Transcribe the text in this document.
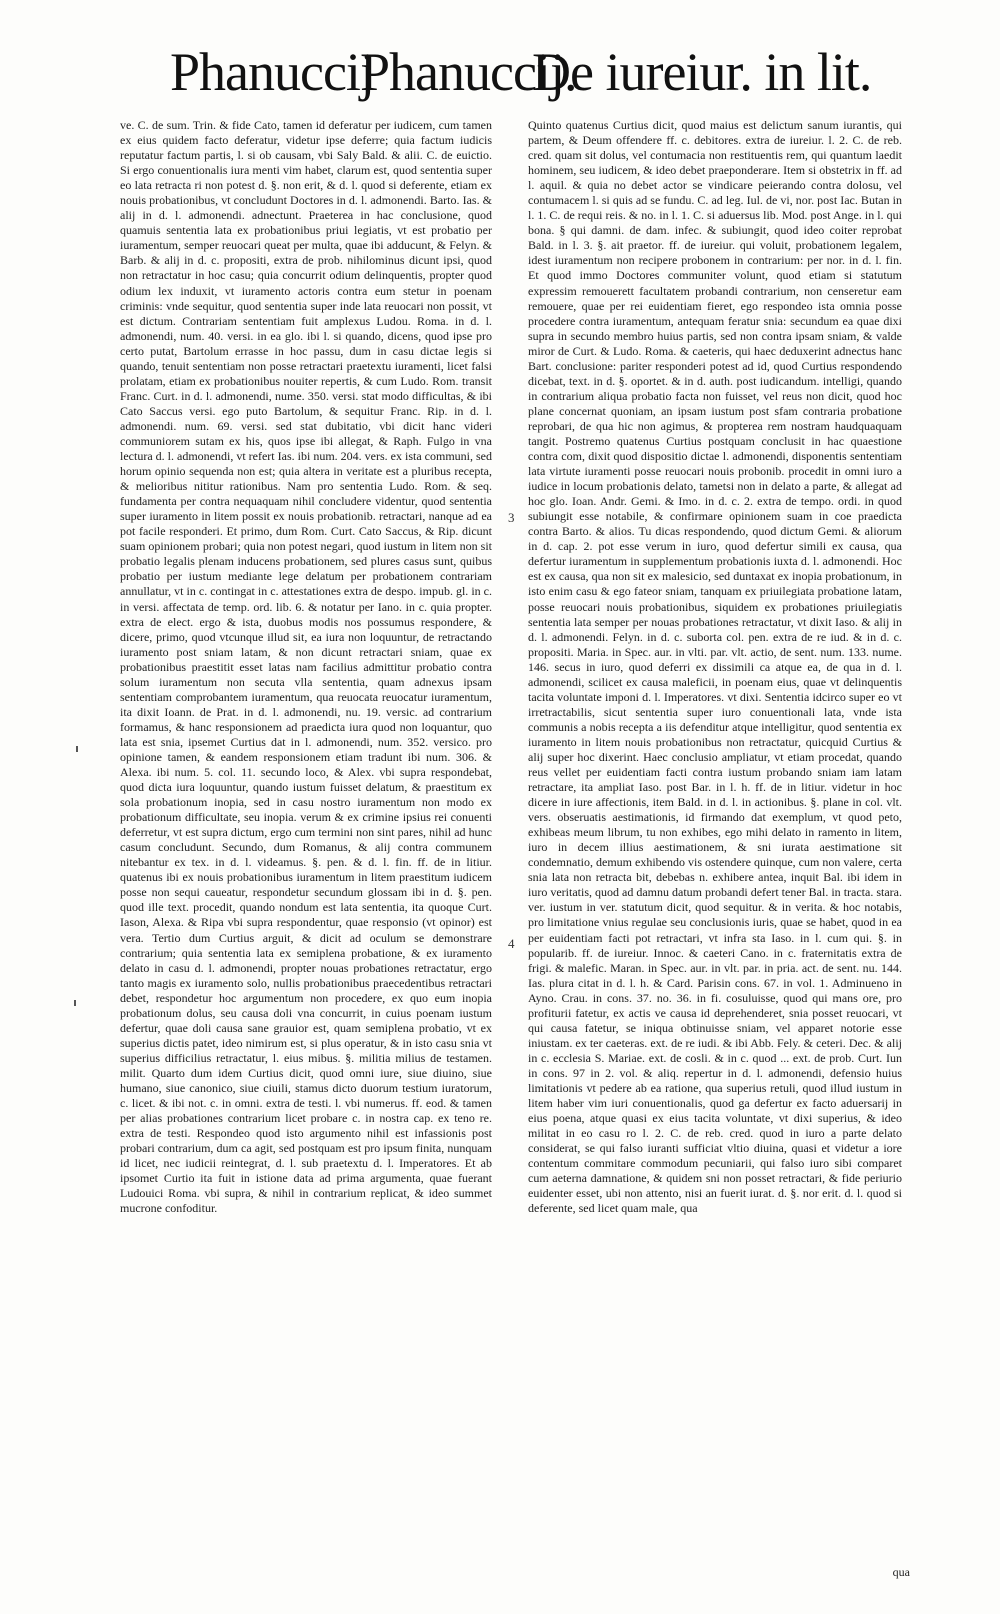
Phanuccij
Phanuccij.
De iureiur. in lit.

ve. C. de sum. Trin. & fide Cato, tamen id deferatur per iudicem, cum tamen ex eius quidem facto deferatur, videtur ipse deferre; quia factum iudicis reputatur factum partis, l. si ob causam, vbi Saly Bald. & alii. C. de euictio. Si ergo conuentionalis iura menti vim habet, clarum est, quod sententia super eo lata retracta ri non potest d. §. non erit, & d. l. quod si deferente, etiam ex nouis probationibus, vt concludunt Doctores in d. l. admonendi. Barto. Ias. & alij in d. l. admonendi. adnectunt. Praeterea in hac conclusione, quod quamuis sententia lata ex probationibus priui legiatis, vt est probatio per iuramentum, semper reuocari queat per multa, quae ibi adducunt, & Felyn. & Barb. & alij in d. c. propositi, extra de prob. nihilominus dicunt ipsi, quod non retractatur in hoc casu; quia concurrit odium delinquentis, propter quod odium lex induxit, vt iuramento actoris contra eum stetur in poenam criminis: vnde sequitur, quod sententia super inde lata reuocari non possit, vt est dictum. Contrariam sententiam fuit amplexus Ludou. Roma. in d. l. admonendi, num. 40. versi. in ea glo. ibi l. si quando, dicens, quod ipse pro certo putat, Bartolum errasse in hoc passu, dum in casu dictae legis si quando, tenuit sententiam non posse retractari praetextu iuramenti, licet falsi prolatam, etiam ex probationibus nouiter repertis, & cum Ludo. Rom. transit Franc. Curt. in d. l. admonendi, nume. 350. versi. stat modo difficultas, & ibi Cato Saccus versi. ego puto Bartolum, & sequitur Franc. Rip. in d. l. admonendi. num. 69. versi. sed stat dubitatio, vbi dicit hanc videri communiorem sutam ex his, quos ipse ibi allegat, & Raph. Fulgo in vna lectura d. l. admonendi, vt refert Ias. ibi num. 204. vers. ex ista communi, sed horum opinio sequenda non est; quia altera in veritate est a pluribus recepta, & melioribus nititur rationibus. Nam pro sententia Ludo. Rom. & seq. fundamenta per contra nequaquam nihil concludere videntur, quod sententia super iuramento in litem possit ex nouis probationib. retractari, nanque ad ea pot facile responderi. Et primo, dum Rom. Curt. Cato Saccus, & Rip. dicunt suam opinionem probari; quia non potest negari, quod iustum in litem non sit probatio legalis plenam inducens probationem, sed plures casus sunt, quibus probatio per iustum mediante lege delatum per probationem contrariam annullatur, vt in c. contingat in c. attestationes extra de despo. impub. gl. in c. in versi. affectata de temp. ord. lib. 6. & notatur per Iano. in c. quia propter. extra de elect. ergo & ista, duobus modis nos possumus respondere, & dicere, primo, quod vtcunque illud sit, ea iura non loquuntur, de retractando iuramento post sniam latam, & non dicunt retractari sniam, quae ex probationibus praestitit esset latas nam facilius admittitur probatio contra solum iuramentum non secuta vlla sententia, quam adnexus ipsam sententiam comprobantem iuramentum, qua reuocata reuocatur iuramentum, ita dixit Ioann. de Prat. in d. l. admonendi, nu. 19. versic. ad contrarium formamus, & hanc responsionem ad praedicta iura quod non loquantur, quo lata est snia, ipsemet Curtius dat in l. admonendi, num. 352. versico. pro opinione tamen, & eandem responsionem etiam tradunt ibi num. 306. & Alexa. ibi num. 5. col. 11. secundo loco, & Alex. vbi supra respondebat, quod dicta iura loquuntur, quando iustum fuisset delatum, & praestitum ex sola probationum inopia, sed in casu nostro iuramentum non modo ex probationum difficultate, seu inopia. verum & ex crimine ipsius rei conuenti deferretur, vt est supra dictum, ergo cum termini non sint pares, nihil ad hunc casum concludunt. Secundo, dum Romanus, & alij contra communem nitebantur ex tex. in d. l. videamus. §. pen. & d. l. fin. ff. de in litiur. quatenus ibi ex nouis probationibus iuramentum in litem praestitum iudicem posse non sequi caueatur, respondetur secundum glossam ibi in d. §. pen. quod ille text. procedit, quando nondum est lata sententia, ita quoque Curt. Iason, Alexa. & Ripa vbi supra respondentur, quae responsio (vt opinor) est vera. Tertio dum Curtius arguit, & dicit ad oculum se demonstrare contrarium; quia sententia lata ex semiplena probatione, & ex iuramento delato in casu d. l. admonendi, propter nouas probationes retractatur, ergo tanto magis ex iuramento solo, nullis probationibus praecedentibus retractari debet, respondetur hoc argumentum non procedere, ex quo eum inopia probationum dolus, seu causa doli vna concurrit, in cuius poenam iustum defertur, quae doli causa sane grauior est, quam semiplena probatio, vt ex superius dictis patet, ideo nimirum est, si plus operatur, & in isto casu snia vt superius difficilius retractatur, l. eius mibus. §. militia milius de testamen. milit. Quarto dum idem Curtius dicit, quod omni iure, siue diuino, siue humano, siue canonico, siue ciuili, stamus dicto duorum testium iuratorum, c. licet. & ibi not. c. in omni. extra de testi. l. vbi numerus. ff. eod. & tamen per alias probationes contrarium licet probare c. in nostra cap. ex teno re. extra de testi. Respondeo quod isto argumento nihil est infassionis post probari contrarium, dum ca agit, sed postquam est pro ipsum finita, nunquam id licet, nec iudicii reintegrat, d. l. sub praetextu d. l. Imperatores. Et ab ipsomet Curtio ita fuit in istione data ad prima argumenta, quae fuerant Ludouici Roma. vbi supra, & nihil in contrarium replicat, & ideo summet mucrone confoditur.

Quinto quatenus Curtius dicit, quod maius est delictum sanum iurantis, qui partem, & Deum offendere ff. c. debitores. extra de iureiur. l. 2. C. de reb. cred. quam sit dolus, vel contumacia non restituentis rem, qui quantum laedit hominem, seu iudicem, & ideo debet praeponderare. Item si obstetrix in ff. ad l. aquil. & quia no debet actor se vindicare peierando contra dolosu, vel contumacem l. si quis ad se fundu. C. ad leg. Iul. de vi, nor. post Iac. Butan in l. 1. C. de requi reis. & no. in l. 1. C. si aduersus lib. Mod. post Ange. in l. qui bona. § qui damni. de dam. infec. & subiungit, quod ideo coiter reprobat Bald. in l. 3. §. ait praetor. ff. de iureiur. qui voluit, probationem legalem, idest iuramentum non recipere probonem in contrarium: per nor. in d. l. fin. Et quod immo Doctores communiter volunt, quod etiam si statutum expressim remouerett facultatem probandi contrarium, non censeretur eam remouere, quae per rei euidentiam fieret, ego respondeo ista omnia posse procedere contra iuramentum, antequam feratur snia: secundum ea quae dixi supra in secundo membro huius partis, sed non contra ipsam sniam, & valde miror de Curt. & Ludo. Roma. & caeteris, qui haec deduxerint adnectus hanc Bart. conclusione: pariter responderi potest ad id, quod Curtius respondendo dicebat, text. in d. §. oportet. & in d. auth. post iudicandum. intelligi, quando in contrarium aliqua probatio facta non fuisset, vel reus non dicit, quod hoc plane concernat quoniam, an ipsam iustum post sfam contraria probatione reprobari, de qua hic non agimus, & propterea rem nostram haudquaquam tangit. Postremo quatenus Curtius postquam conclusit in hac quaestione contra com, dixit quod dispositio dictae l. admonendi, disponentis sententiam lata virtute iuramenti posse reuocari nouis probonib. procedit in omni iuro a iudice in locum probationis delato, tametsi non in delato a parte, & allegat ad hoc glo. Ioan. Andr. Gemi. & Imo. in d. c. 2. extra de tempo. ordi. in quod subiungit esse notabile, & confirmare opinionem suam in coe praedicta contra Barto. & alios. Tu dicas respondendo, quod dictum Gemi. & aliorum in d. cap. 2. pot esse verum in iuro, quod defertur simili ex causa, qua defertur iuramentum in supplementum probationis iuxta d. l. admonendi. Hoc est ex causa, qua non sit ex malesicio, sed duntaxat ex inopia probationum, in isto enim casu & ego fateor sniam, tanquam ex priuilegiata probatione latam, posse reuocari nouis probationibus, siquidem ex probationes priuilegiatis sententia lata semper per nouas probationes retractatur, vt dixit Iaso. & alij in d. l. admonendi. Felyn. in d. c. suborta col. pen. extra de re iud. & in d. c. propositi. Maria. in Spec. aur. in vlti. par. vlt. actio, de sent. num. 133. nume. 146. secus in iuro, quod deferri ex dissimili ca atque ea, de qua in d. l. admonendi, scilicet ex causa maleficii, in poenam eius, quae vt delinquentis tacita voluntate imponi d. l. Imperatores. vt dixi. Sententia idcirco super eo vt irretractabilis, sicut sententia super iuro conuentionali lata, vnde ista communis a nobis recepta a iis defenditur atque intelligitur, quod sententia ex iuramento in litem nouis probationibus non retractatur, quicquid Curtius & alij super hoc dixerint. Haec conclusio ampliatur, vt etiam procedat, quando reus vellet per euidentiam facti contra iustum probando sniam iam latam retractare, ita ampliat Iaso. post Bar. in l. h. ff. de in litiur. videtur in hoc dicere in iure affectionis, item Bald. in d. l. in actionibus. §. plane in col. vlt. vers. obseruatis aestimationis, id firmando dat exemplum, vt quod peto, exhibeas meum librum, tu non exhibes, ego mihi delato in ramento in litem, iuro in decem illius aestimationem, & sni iurata aestimatione sit condemnatio, demum exhibendo vis ostendere quinque, cum non valere, certa snia lata non retracta bit, debebas n. exhibere antea, inquit Bal. ibi idem in iuro veritatis, quod ad damnu datum probandi defert tener Bal. in tracta. stara. ver. iustum in ver. statutum dicit, quod sequitur. & in verita. & hoc notabis, pro limitatione vnius regulae seu conclusionis iuris, quae se habet, quod in ea per euidentiam facti pot retractari, vt infra sta Iaso. in l. cum qui. §. in popularib. ff. de iureiur. Innoc. & caeteri Cano. in c. fraternitatis extra de frigi. & malefic. Maran. in Spec. aur. in vlt. par. in pria. act. de sent. nu. 144. Ias. plura citat in d. l. h. & Card. Parisin cons. 67. in vol. 1. Adminueno in Ayno. Crau. in cons. 37. no. 36. in fi. cosuluisse, quod qui mans ore, pro profiturii fatetur, ex actis ve causa id deprehenderet, snia posset reuocari, vt qui causa fatetur, se iniqua obtinuisse sniam, vel apparet notorie esse iniustam. ex ter caeteras. ext. de re iudi. & ibi Abb. Fely. & ceteri. Dec. & alij in c. ecclesia S. Mariae. ext. de cosli. & in c. quod ... ext. de prob. Curt. Iun in cons. 97 in 2. vol. & aliq. repertur in d. l. admonendi, defensio huius limitationis vt pedere ab ea ratione, qua superius retuli, quod illud iustum in litem haber vim iuri conuentionalis, quod ga defertur ex facto aduersarij in eius poena, atque quasi ex eius tacita voluntate, vt dixi superius, & ideo militat in eo casu ro l. 2. C. de reb. cred. quod in iuro a parte delato considerat, se qui falso iuranti sufficiat vltio diuina, quasi et videtur a iore contentum commitare commodum pecuniarii, qui falso iuro sibi comparet cum aeterna damnatione, & quidem sni non posset retractari, & fide periurio euidenter esset, ubi non attento, nisi an fuerit iurat. d. §. nor erit. d. l. quod si deferente, sed licet quam male, qua

3
4
qua
